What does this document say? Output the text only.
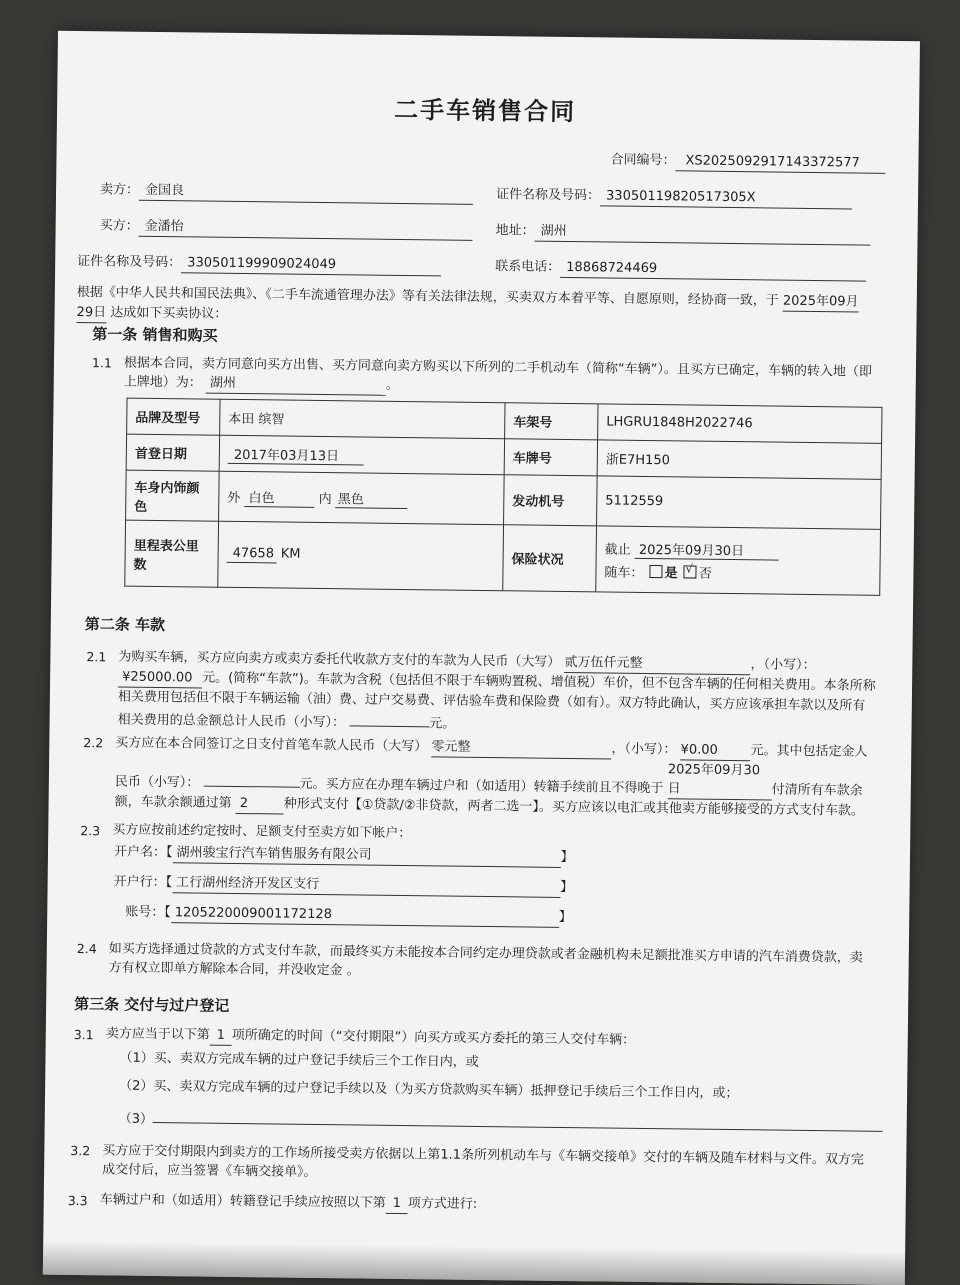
二手车销售合同
合同编号： XS2025092917143372577
卖方： 金国良	证件名称及号码： 33050119820517305X
买方： 金潘怡	地址： 湖州
证件名称及号码： 330501199909024049	联系电话： 18868724469
根据《中华人民共和国民法典》、《二手车流通管理办法》等有关法律法规，买卖双方本着平等、自愿原则，经协商一致，于 2025年09月 29日 达成如下买卖协议：
第一条 销售和购买
1.1 根据本合同，卖方同意向买方出售、买方同意向卖方购买以下所列的二手机动车（简称“车辆”）。且买方已确定，车辆的转入地（即上牌地）为： 湖州	。
品牌及型号	本田 缤智	车架号	LHGRU1848H2022746
首登日期	2017年03月13日	车牌号	浙E7H150
车身内饰颜色	外 白色 内 黑色	发动机号	5112559
里程表公里数	47658 KM	保险状况	截止 2025年09月30日
随车： 是 √ 否
第二条 车款
2.1 为购买车辆，买方应向卖方或卖方委托代收款方支付的车款为人民币（大写） 贰万伍仟元整	，（小写）： ¥25000.00 元。(简称“车款”)。车款为含税（包括但不限于车辆购置税、增值税）车价，但不包含车辆的任何相关费用。本条所称相关费用包括但不限于车辆运输（油）费、过户交易费、评估验车费和保险费（如有）。双方特此确认，买方应该承担车款以及所有相关费用的总金额总计人民币（小写）：	元。
2.2 买方应在本合同签订之日支付首笔车款人民币（大写） 零元整	，（小写）： ¥0.00	元。其中包括定金人民币（小写）：	元。买方应在办理车辆过户和（如适用）转籍手续前且不得晚于 2025年09月30日	付清所有车款余额，车款余额通过第 2	种形式支付【①贷款/②非贷款，两者二选一】。买方应该以电汇或其他卖方能够接受的方式支付车款。
2.3 买方应按前述约定按时、足额支付至卖方如下帐户：
开户名：【 湖州骏宝行汽车销售服务有限公司	】
开户行：【 工行湖州经济开发区支行	】
账号：【 1205220009001172128	】
2.4 如买方选择通过贷款的方式支付车款，而最终买方未能按本合同约定办理贷款或者金融机构未足额批准买方申请的汽车消费贷款，卖方有权立即单方解除本合同，并没收定金 。
第三条 交付与过户登记
3.1 卖方应当于以下第 1 项所确定的时间（“交付期限”）向买方或买方委托的第三人交付车辆：
（1）买、卖双方完成车辆的过户登记手续后三个工作日内，或
（2）买、卖双方完成车辆的过户登记手续以及（为买方贷款购买车辆）抵押登记手续后三个工作日内，或；
（3）
3.2 买方应于交付期限内到卖方的工作场所接受卖方依据以上第1.1条所列机动车与《车辆交接单》交付的车辆及随车材料与文件。双方完成交付后，应当签署《车辆交接单》。
3.3 车辆过户和（如适用）转籍登记手续应按照以下第 1 项方式进行:
